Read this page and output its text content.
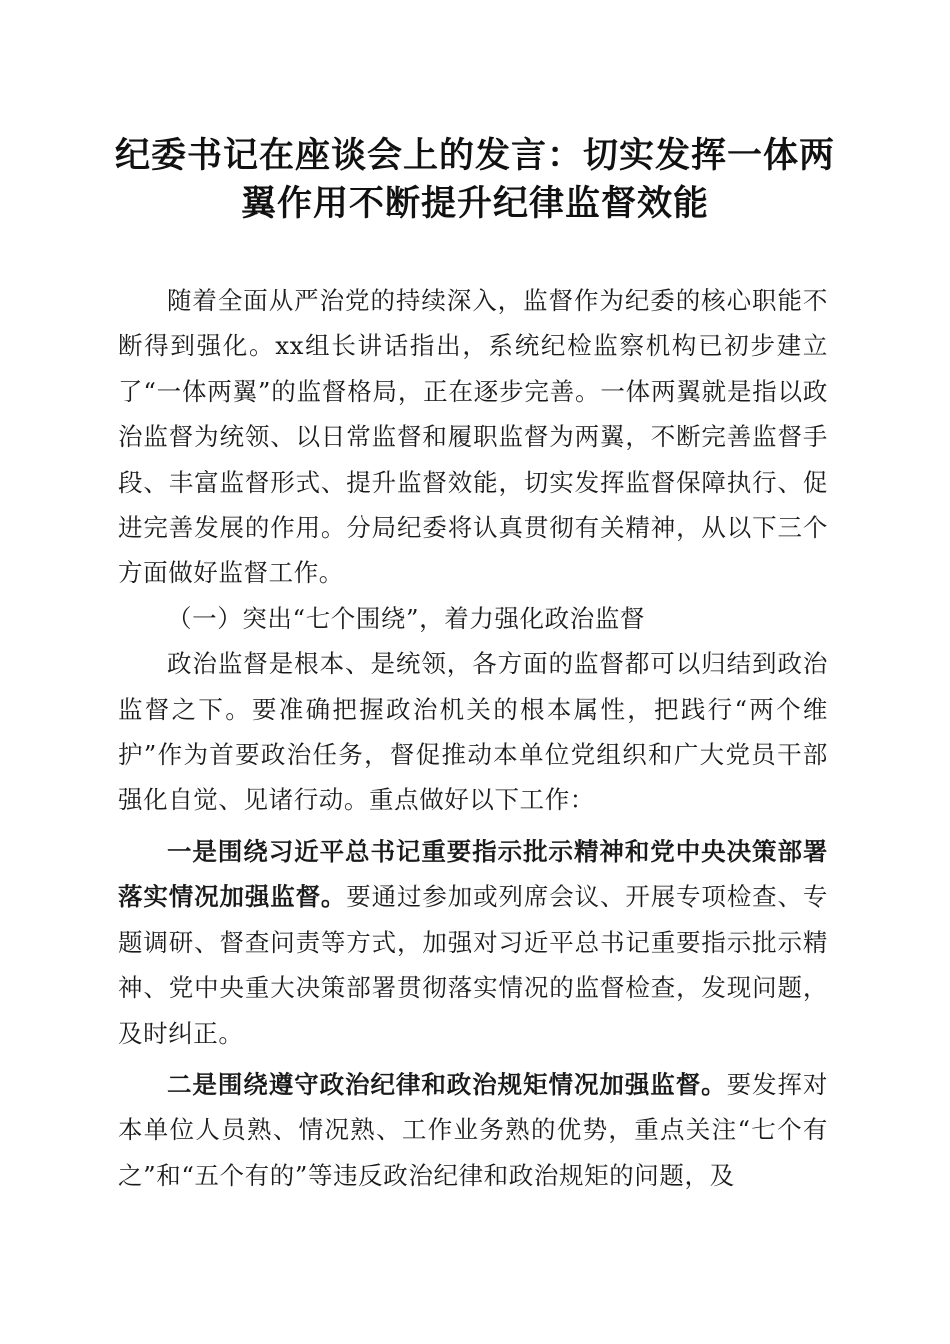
纪委书记在座谈会上的发言：切实发挥一体两翼作用不断提升纪律监督效能

随着全面从严治党的持续深入，监督作为纪委的核心职能不断得到强化。xx组长讲话指出，系统纪检监察机构已初步建立了“一体两翼”的监督格局，正在逐步完善。一体两翼就是指以政治监督为统领、以日常监督和履职监督为两翼，不断完善监督手段、丰富监督形式、提升监督效能，切实发挥监督保障执行、促进完善发展的作用。分局纪委将认真贯彻有关精神，从以下三个方面做好监督工作。

（一）突出“七个围绕”，着力强化政治监督

政治监督是根本、是统领，各方面的监督都可以归结到政治监督之下。要准确把握政治机关的根本属性，把践行“两个维护”作为首要政治任务，督促推动本单位党组织和广大党员干部强化自觉、见诸行动。重点做好以下工作：

一是围绕习近平总书记重要指示批示精神和党中央决策部署落实情况加强监督。要通过参加或列席会议、开展专项检查、专题调研、督查问责等方式，加强对习近平总书记重要指示批示精神、党中央重大决策部署贯彻落实情况的监督检查，发现问题，及时纠正。

二是围绕遵守政治纪律和政治规矩情况加强监督。要发挥对本单位人员熟、情况熟、工作业务熟的优势，重点关注“七个有之”和“五个有的”等违反政治纪律和政治规矩的问题，及
